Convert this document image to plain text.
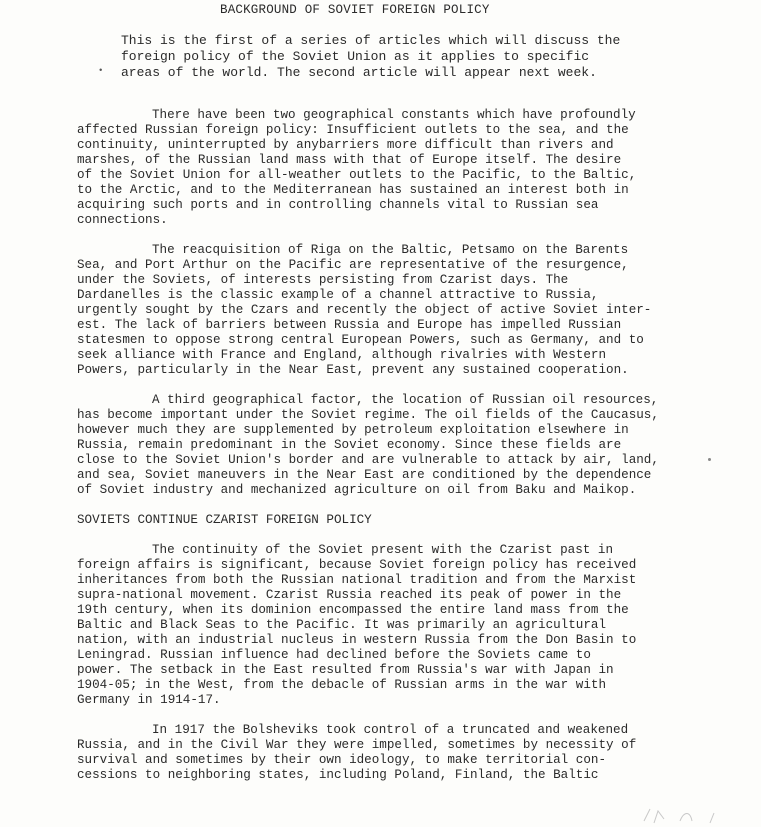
BACKGROUND OF SOVIET FOREIGN POLICY
This is the first of a series of articles which will discuss the
foreign policy of the Soviet Union as it applies to specific
areas of the world. The second article will appear next week.
•
There have been two geographical constants which have profoundly
affected Russian foreign policy: Insufficient outlets to the sea, and the
continuity, uninterrupted by anybarriers more difficult than rivers and
marshes, of the Russian land mass with that of Europe itself. The desire
of the Soviet Union for all-weather outlets to the Pacific, to the Baltic,
to the Arctic, and to the Mediterranean has sustained an interest both in
acquiring such ports and in controlling channels vital to Russian sea
connections.
The reacquisition of Riga on the Baltic, Petsamo on the Barents
Sea, and Port Arthur on the Pacific are representative of the resurgence,
under the Soviets, of interests persisting from Czarist days. The
Dardanelles is the classic example of a channel attractive to Russia,
urgently sought by the Czars and recently the object of active Soviet inter-
est. The lack of barriers between Russia and Europe has impelled Russian
statesmen to oppose strong central European Powers, such as Germany, and to
seek alliance with France and England, although rivalries with Western
Powers, particularly in the Near East, prevent any sustained cooperation.
A third geographical factor, the location of Russian oil resources,
has become important under the Soviet regime. The oil fields of the Caucasus,
however much they are supplemented by petroleum exploitation elsewhere in
Russia, remain predominant in the Soviet economy. Since these fields are
close to the Soviet Union's border and are vulnerable to attack by air, land,
and sea, Soviet maneuvers in the Near East are conditioned by the dependence
of Soviet industry and mechanized agriculture on oil from Baku and Maikop.
SOVIETS CONTINUE CZARIST FOREIGN POLICY
The continuity of the Soviet present with the Czarist past in
foreign affairs is significant, because Soviet foreign policy has received
inheritances from both the Russian national tradition and from the Marxist
supra-national movement. Czarist Russia reached its peak of power in the
19th century, when its dominion encompassed the entire land mass from the
Baltic and Black Seas to the Pacific. It was primarily an agricultural
nation, with an industrial nucleus in western Russia from the Don Basin to
Leningrad. Russian influence had declined before the Soviets came to
power. The setback in the East resulted from Russia's war with Japan in
1904-05; in the West, from the debacle of Russian arms in the war with
Germany in 1914-17.
In 1917 the Bolsheviks took control of a truncated and weakened
Russia, and in the Civil War they were impelled, sometimes by necessity of
survival and sometimes by their own ideology, to make territorial con-
cessions to neighboring states, including Poland, Finland, the Baltic
